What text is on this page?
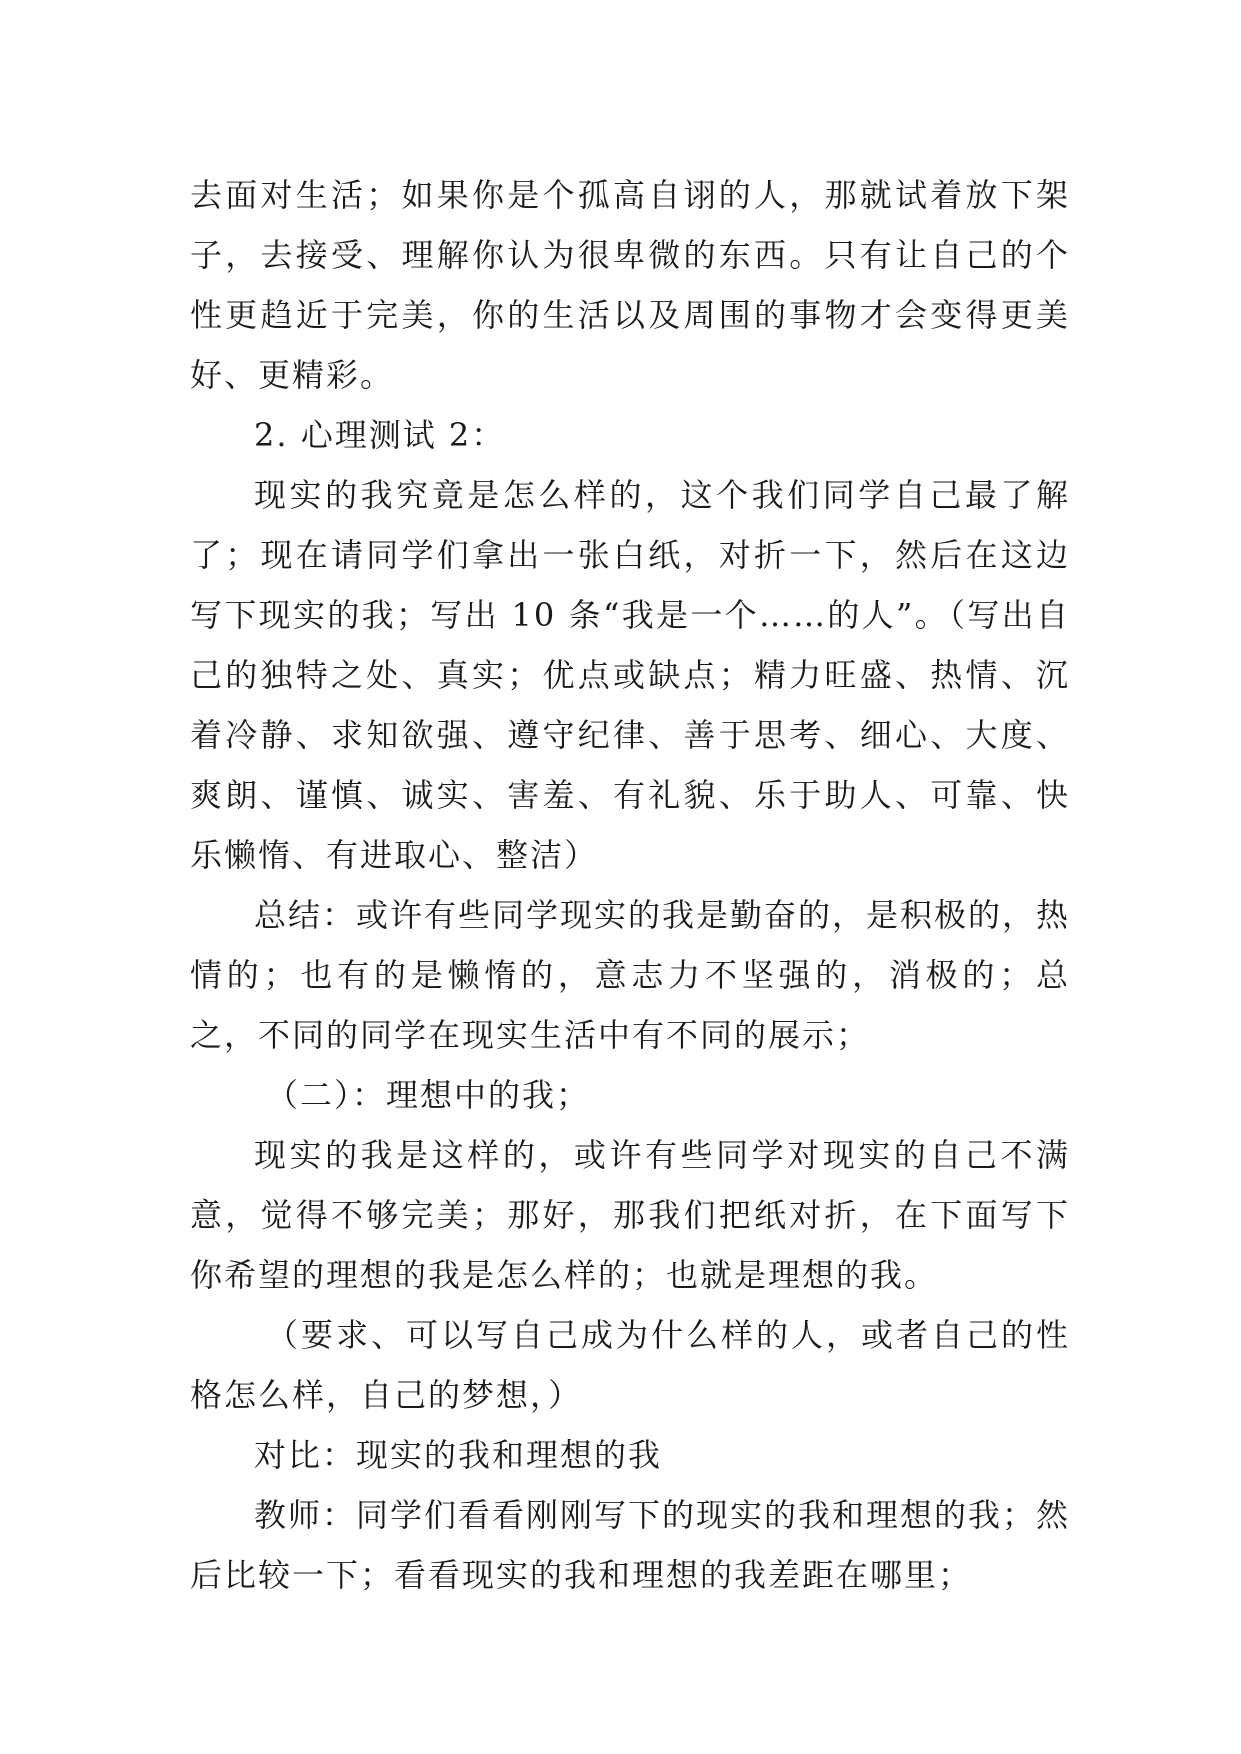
去面对生活；如果你是个孤高自诩的人，那就试着放下架子，去接受、理解你认为很卑微的东西。只有让自己的个性更趋近于完美，你的生活以及周围的事物才会变得更美好、更精彩。

2. 心理测试 2：

现实的我究竟是怎么样的，这个我们同学自己最了解了；现在请同学们拿出一张白纸，对折一下，然后在这边写下现实的我；写出 10 条“我是一个……的人”。（写出自己的独特之处、真实；优点或缺点；精力旺盛、热情、沉着冷静、求知欲强、遵守纪律、善于思考、细心、大度、爽朗、谨慎、诚实、害羞、有礼貌、乐于助人、可靠、快乐懒惰、有进取心、整洁）

总结：或许有些同学现实的我是勤奋的，是积极的，热情的；也有的是懒惰的，意志力不坚强的，消极的；总之，不同的同学在现实生活中有不同的展示；

（二）：理想中的我；

现实的我是这样的，或许有些同学对现实的自己不满意，觉得不够完美；那好，那我们把纸对折，在下面写下你希望的理想的我是怎么样的；也就是理想的我。

（要求、可以写自己成为什么样的人，或者自己的性格怎么样，自己的梦想，）

对比：现实的我和理想的我

教师：同学们看看刚刚写下的现实的我和理想的我；然后比较一下；看看现实的我和理想的我差距在哪里；
